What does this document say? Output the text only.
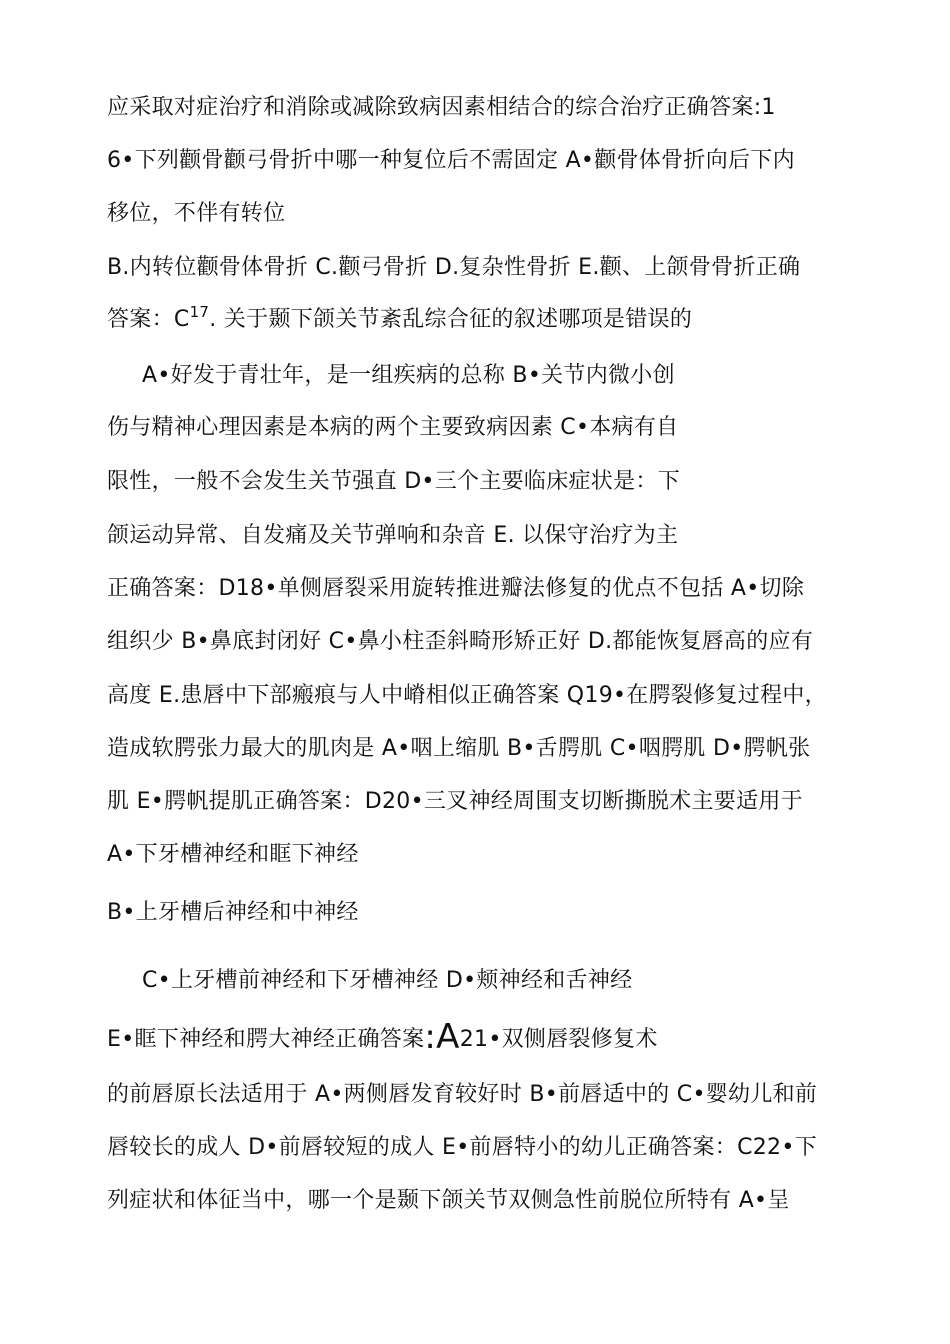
应采取对症治疗和消除或减除致病因素相结合的综合治疗正确答案:1
6•下列颧骨颧弓骨折中哪一种复位后不需固定 A•颧骨体骨折向后下内
移位，不伴有转位
B.内转位颧骨体骨折 C.颧弓骨折 D.复杂性骨折 E.颧、上颌骨骨折正确
答案：$C^{17}$. 关于颞下颌关节紊乱综合征的叙述哪项是错误的
A•好发于青壮年，是一组疾病的总称 B•关节内微小创
伤与精神心理因素是本病的两个主要致病因素 C•本病有自
限性，一般不会发生关节强直 D•三个主要临床症状是：下
颌运动异常、自发痛及关节弹响和杂音 E. 以保守治疗为主
正确答案：D18•单侧唇裂采用旋转推进瓣法修复的优点不包括 A•切除
组织少 B•鼻底封闭好 C•鼻小柱歪斜畸形矫正好 D.都能恢复唇高的应有
高度 E.患唇中下部瘢痕与人中嵴相似正确答案 Q19•在腭裂修复过程中，
造成软腭张力最大的肌肉是 A•咽上缩肌 B•舌腭肌 C•咽腭肌 D•腭帆张
肌 E•腭帆提肌正确答案：D20•三叉神经周围支切断撕脱术主要适用于
A•下牙槽神经和眶下神经
B•上牙槽后神经和中神经
C•上牙槽前神经和下牙槽神经 D•颊神经和舌神经
E•眶下神经和腭大神经正确答案:A21•双侧唇裂修复术
的前唇原长法适用于 A•两侧唇发育较好时 B•前唇适中的 C•婴幼儿和前
唇较长的成人 D•前唇较短的成人 E•前唇特小的幼儿正确答案：C22•下
列症状和体征当中，哪一个是颞下颌关节双侧急性前脱位所特有 A•呈
